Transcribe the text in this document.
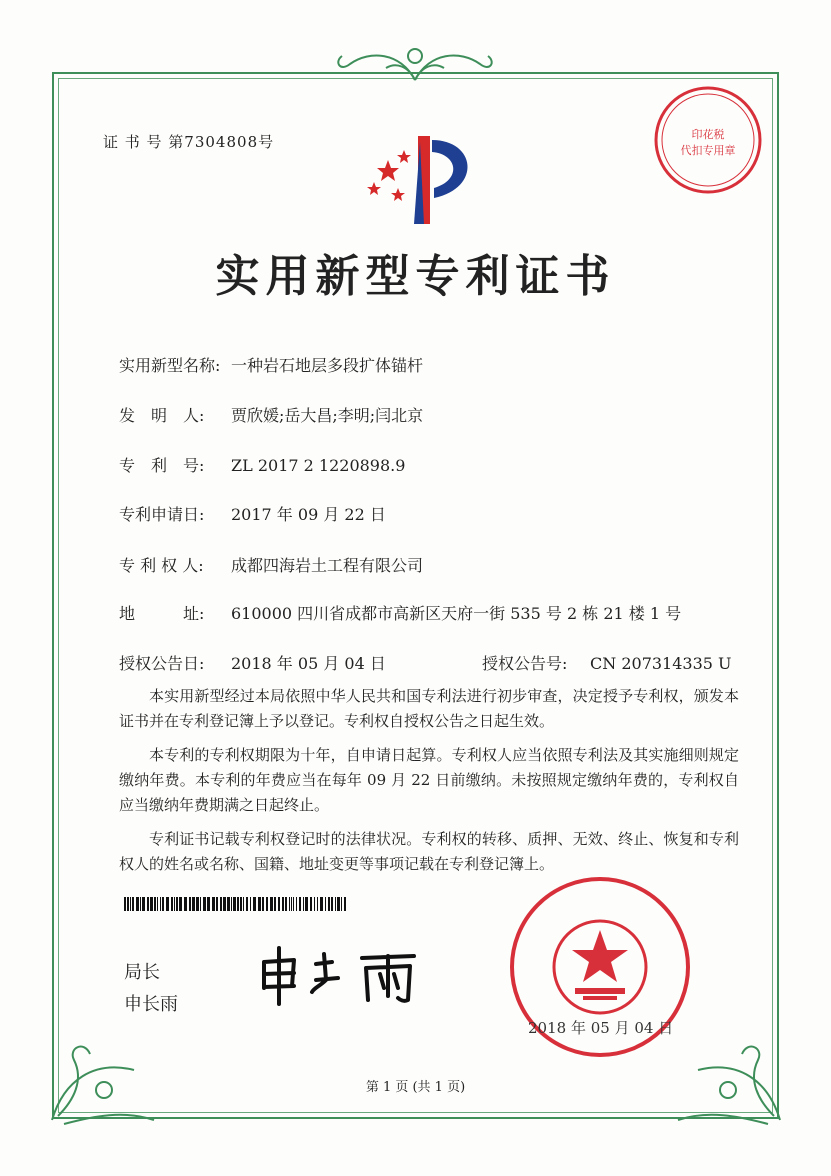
证 书 号 第7304808号	印花税
代扣专用章
实用新型专利证书
实用新型名称: 一种岩石地层多段扩体锚杆
发　明　人: 贾欣媛;岳大昌;李明;闫北京
专　利　号: ZL 2017 2 1220898.9
专利申请日: 2017 年 09 月 22 日
专 利 权 人: 成都四海岩土工程有限公司
地　　　址: 610000 四川省成都市高新区天府一街 535 号 2 栋 21 楼 1 号
授权公告日: 2018 年 05 月 04 日	授权公告号: CN 207314335 U

本实用新型经过本局依照中华人民共和国专利法进行初步审查，决定授予专利权，颁发本证书并在专利登记簿上予以登记。专利权自授权公告之日起生效。

本专利的专利权期限为十年，自申请日起算。专利权人应当依照专利法及其实施细则规定缴纳年费。本专利的年费应当在每年 09 月 22 日前缴纳。未按照规定缴纳年费的，专利权自应当缴纳年费期满之日起终止。

专利证书记载专利权登记时的法律状况。专利权的转移、质押、无效、终止、恢复和专利权人的姓名或名称、国籍、地址变更等事项记载在专利登记簿上。

局长
申长雨
2018 年 05 月 04 日
第 1 页 (共 1 页)
